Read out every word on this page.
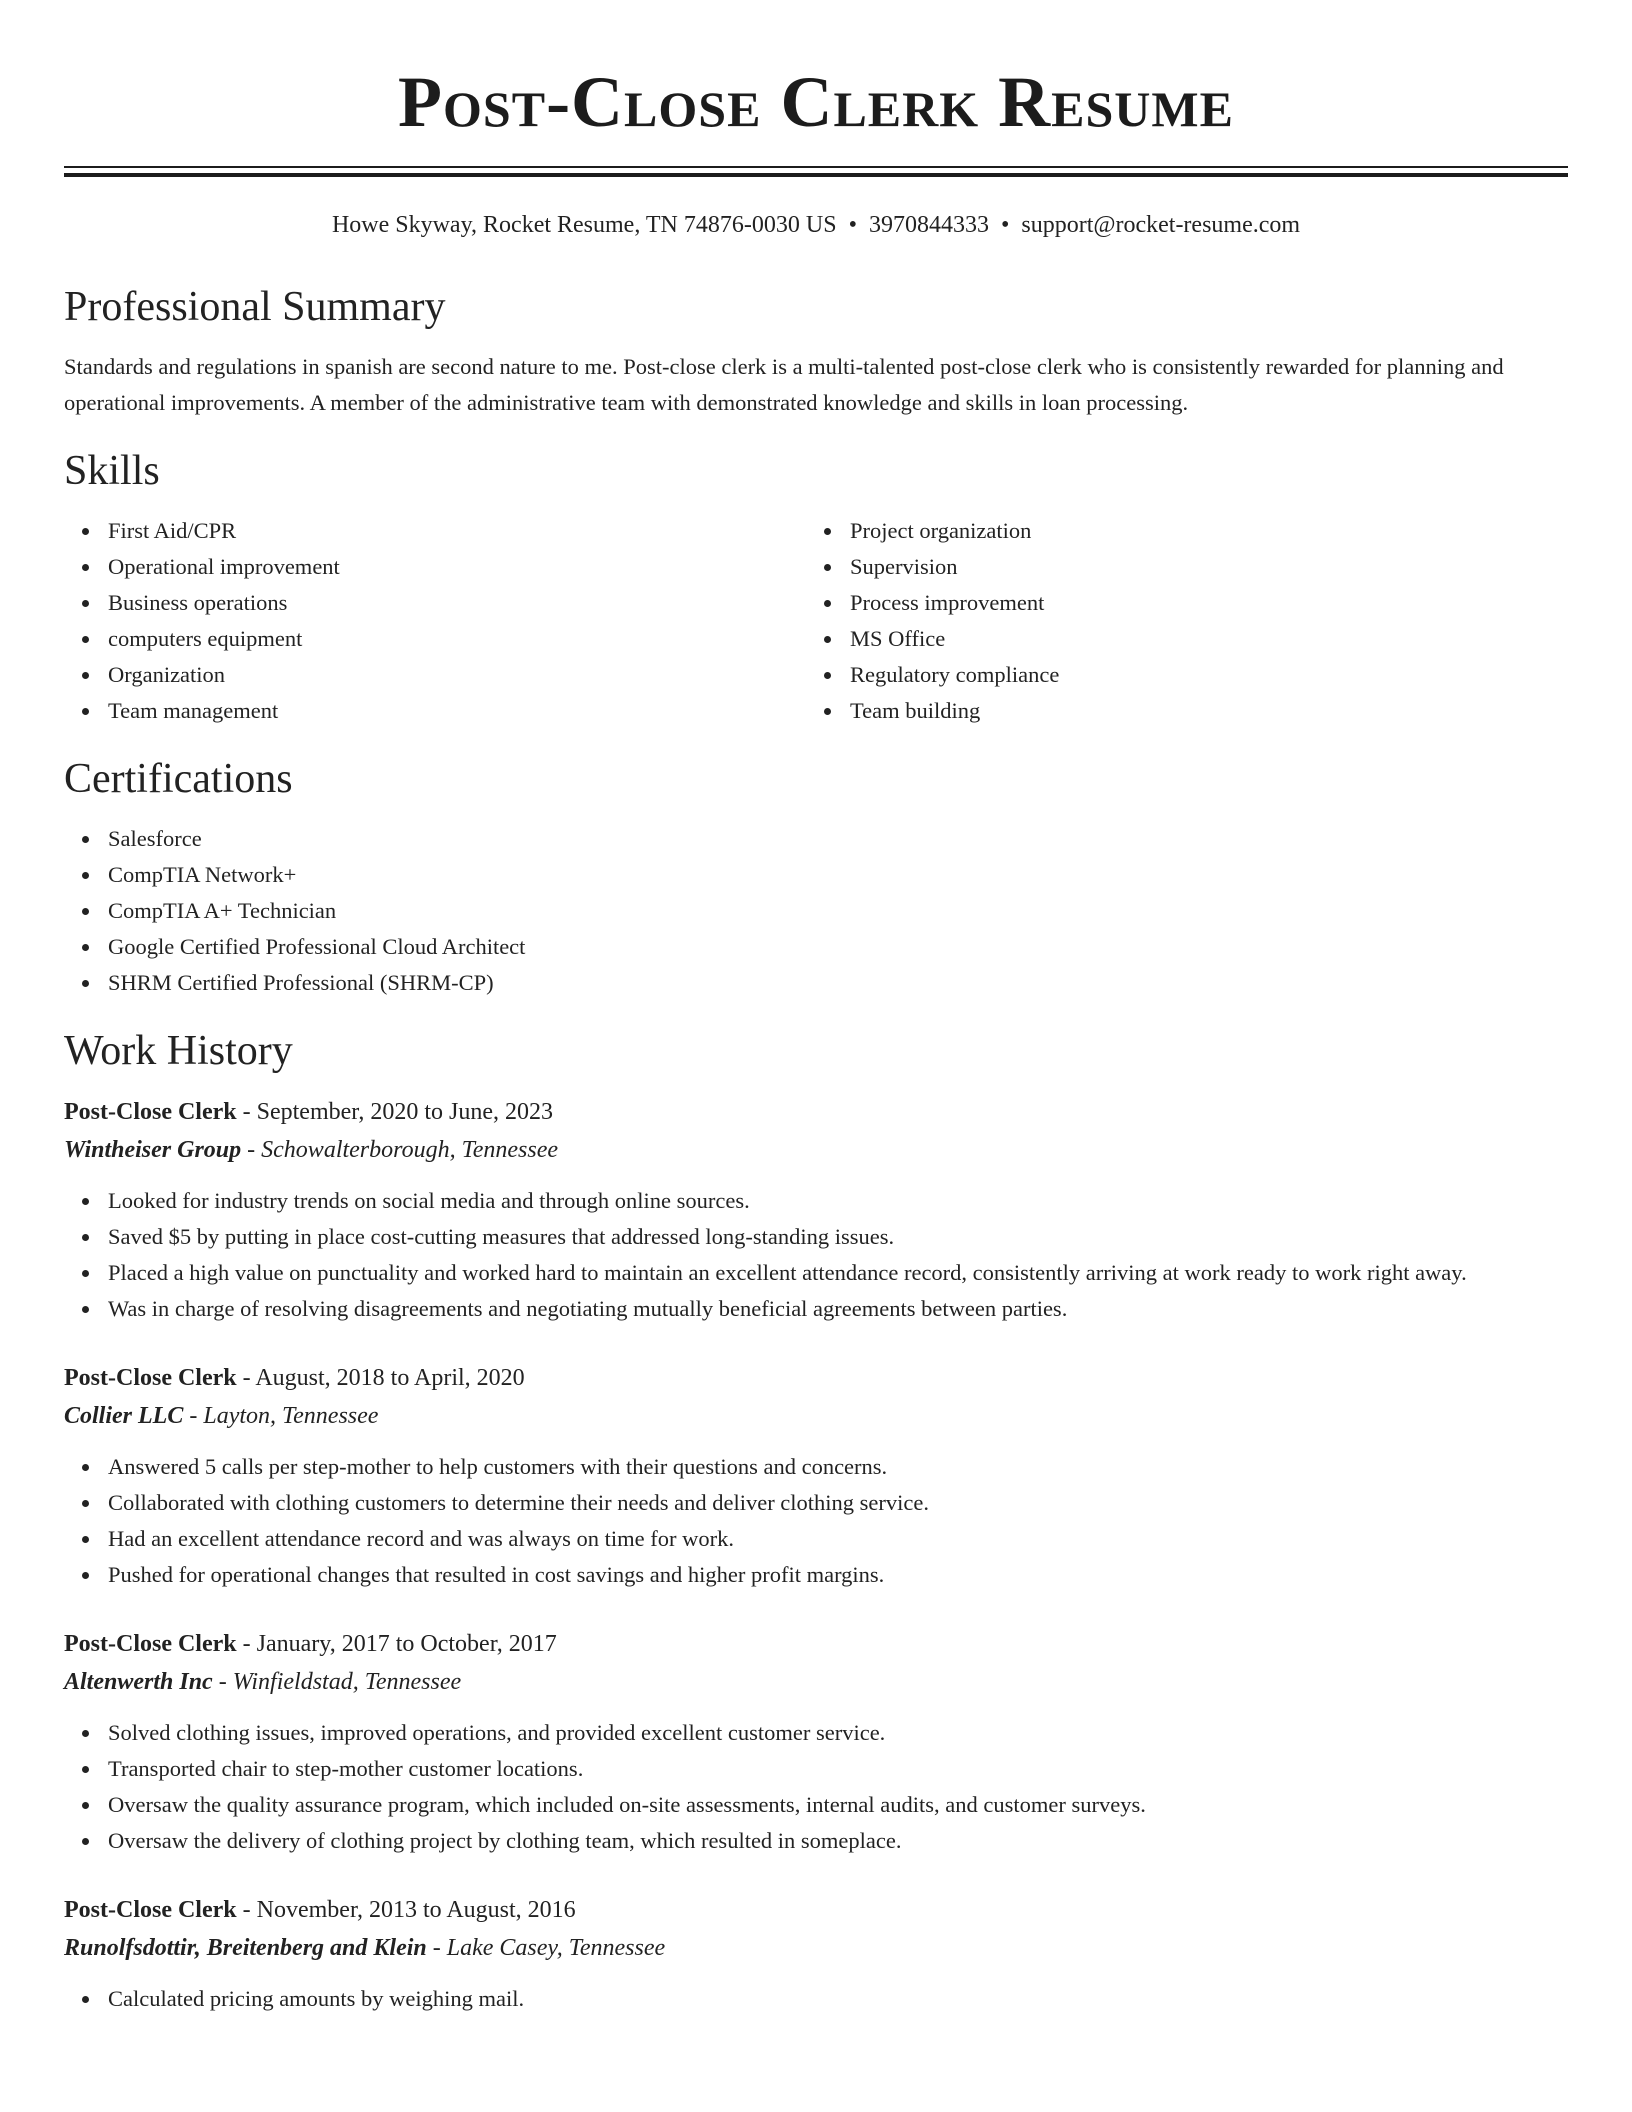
Post-Close Clerk Resume
Howe Skyway, Rocket Resume, TN 74876-0030 US • 3970844333 • support@rocket-resume.com
Professional Summary

Standards and regulations in spanish are second nature to me. Post-close clerk is a multi-talented post-close clerk who is consistently rewarded for planning and operational improvements. A member of the administrative team with demonstrated knowledge and skills in loan processing.

Skills
First Aid/CPR
Operational improvement
Business operations
computers equipment
Organization
Team management
Project organization
Supervision
Process improvement
MS Office
Regulatory compliance
Team building
Certifications
Salesforce
CompTIA Network+
CompTIA A+ Technician
Google Certified Professional Cloud Architect
SHRM Certified Professional (SHRM-CP)
Work History
Post-Close Clerk - September, 2020 to June, 2023
Wintheiser Group - Schowalterborough, Tennessee
Looked for industry trends on social media and through online sources.
Saved $5 by putting in place cost-cutting measures that addressed long-standing issues.
Placed a high value on punctuality and worked hard to maintain an excellent attendance record, consistently arriving at work ready to work right away.
Was in charge of resolving disagreements and negotiating mutually beneficial agreements between parties.
Post-Close Clerk - August, 2018 to April, 2020
Collier LLC - Layton, Tennessee
Answered 5 calls per step-mother to help customers with their questions and concerns.
Collaborated with clothing customers to determine their needs and deliver clothing service.
Had an excellent attendance record and was always on time for work.
Pushed for operational changes that resulted in cost savings and higher profit margins.
Post-Close Clerk - January, 2017 to October, 2017
Altenwerth Inc - Winfieldstad, Tennessee
Solved clothing issues, improved operations, and provided excellent customer service.
Transported chair to step-mother customer locations.
Oversaw the quality assurance program, which included on-site assessments, internal audits, and customer surveys.
Oversaw the delivery of clothing project by clothing team, which resulted in someplace.
Post-Close Clerk - November, 2013 to August, 2016
Runolfsdottir, Breitenberg and Klein - Lake Casey, Tennessee
Calculated pricing amounts by weighing mail.
